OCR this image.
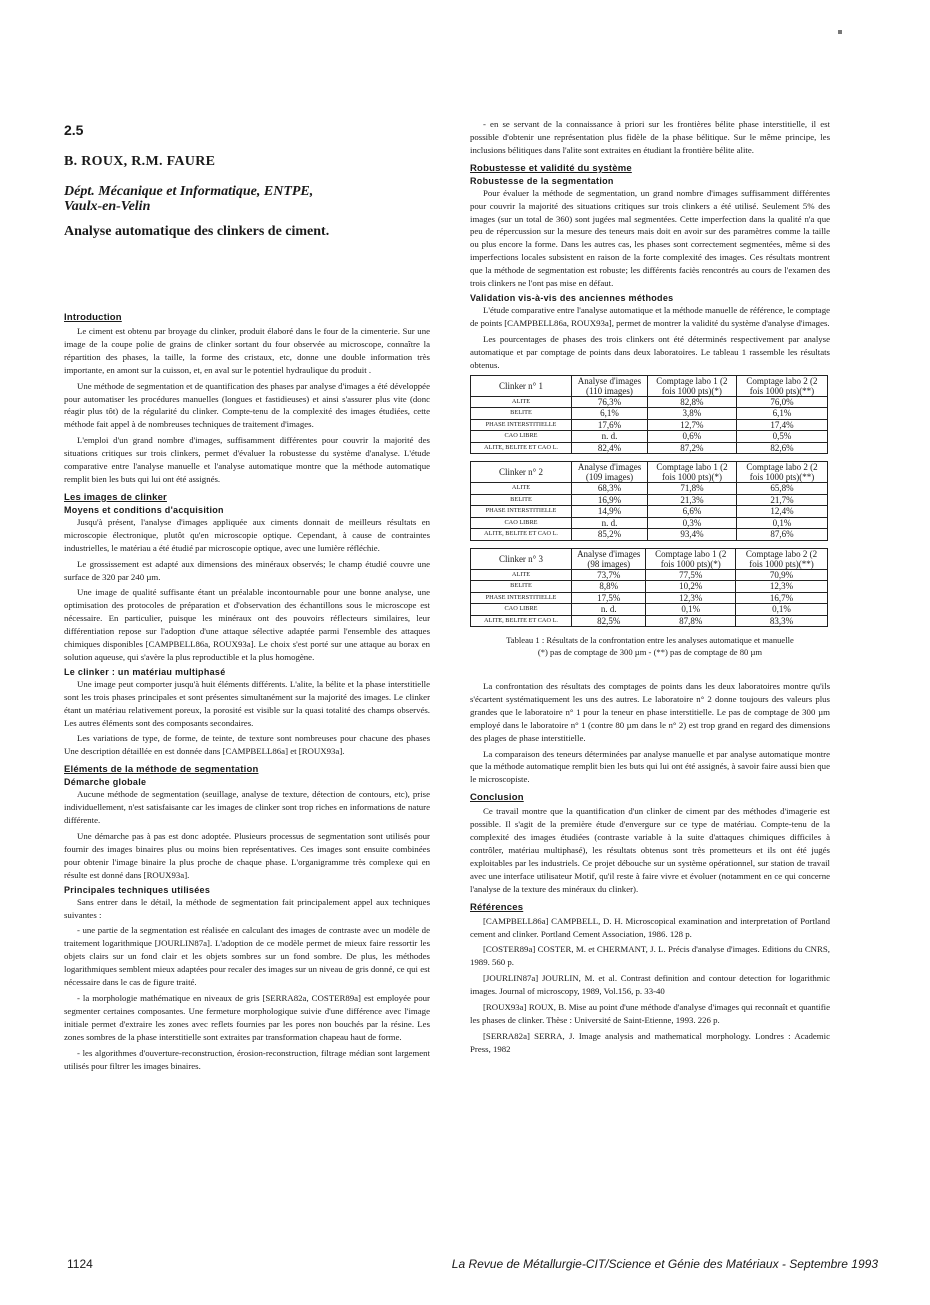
2.5
B. ROUX, R.M. FAURE
Dépt. Mécanique et Informatique, ENTPE,
Vaulx-en-Velin
Analyse automatique des clinkers de ciment.
Introduction

Le ciment est obtenu par broyage du clinker, produit élaboré dans le four de la cimenterie. Sur une image de la coupe polie de grains de clinker sortant du four observée au microscope, connaître la répartition des phases, la taille, la forme des cristaux, etc, donne une double information très importante, en amont sur la cuisson, et, en aval sur le potentiel hydraulique du produit .

Une méthode de segmentation et de quantification des phases par analyse d'images a été développée pour automatiser les procédures manuelles (longues et fastidieuses) et ainsi s'assurer plus vite (donc réagir plus tôt) de la régularité du clinker. Compte-tenu de la complexité des images étudiées, cette méthode fait appel à de nombreuses techniques de traitement d'images.

L'emploi d'un grand nombre d'images, suffisamment différentes pour couvrir la majorité des situations critiques sur trois clinkers, permet d'évaluer la robustesse du système d'analyse. L'étude comparative entre l'analyse manuelle et l'analyse automatique montre que la méthode automatique remplit bien les buts qui lui ont été assignés.

Les images de clinker
Moyens et conditions d'acquisition

Jusqu'à présent, l'analyse d'images appliquée aux ciments donnait de meilleurs résultats en microscopie électronique, plutôt qu'en microscopie optique. Cependant, à cause de contraintes industrielles, le matériau a été étudié par microscopie optique, avec une lumière réfléchie.

Le grossissement est adapté aux dimensions des minéraux observés; le champ étudié couvre une surface de 320 par 240 µm.

Une image de qualité suffisante étant un préalable incontournable pour une bonne analyse, une optimisation des protocoles de préparation et d'observation des échantillons sous le microscope est nécessaire. En particulier, puisque les minéraux ont des pouvoirs réflecteurs similaires, leur différentiation repose sur l'adoption d'une attaque sélective adaptée parmi l'ensemble des attaques chimiques disponibles [CAMPBELL86a, ROUX93a]. Le choix s'est porté sur une attaque au borax en solution aqueuse, qui s'avère la plus reproductible et la plus homogène.

Le clinker : un matériau multiphasé

Une image peut comporter jusqu'à huit éléments différents. L'alite, la bélite et la phase interstitielle sont les trois phases principales et sont présentes simultanément sur la majorité des images. Le clinker étant un matériau relativement poreux, la porosité est visible sur la quasi totalité des champs observés. Les autres éléments sont des composants secondaires.

Les variations de type, de forme, de teinte, de texture sont nombreuses pour chacune des phases Une description détaillée en est donnée dans [CAMPBELL86a] et [ROUX93a].

Eléments de la méthode de segmentation
Démarche globale

Aucune méthode de segmentation (seuillage, analyse de texture, détection de contours, etc), prise individuellement, n'est satisfaisante car les images de clinker sont trop riches en informations de nature différente.

Une démarche pas à pas est donc adoptée. Plusieurs processus de segmentation sont utilisés pour fournir des images binaires plus ou moins bien représentatives. Ces images sont ensuite combinées pour obtenir l'image binaire la plus proche de chaque phase. L'organigramme très complexe qui en résulte est donné dans [ROUX93a].

Principales techniques utilisées

Sans entrer dans le détail, la méthode de segmentation fait principalement appel aux techniques suivantes :

- une partie de la segmentation est réalisée en calculant des images de contraste avec un modèle de traitement logarithmique [JOURLIN87a]. L'adoption de ce modèle permet de mieux faire ressortir les objets clairs sur un fond clair et les objets sombres sur un fond sombre. De plus, les méthodes logarithmiques semblent mieux adaptées pour recaler des images sur un niveau de gris donné, ce qui est nécessaire dans le cas de figure traité.

- la morphologie mathématique en niveaux de gris [SERRA82a, COSTER89a] est employée pour segmenter certaines composantes. Une fermeture morphologique suivie d'une différence avec l'image initiale permet d'extraire les zones avec reflets fournies par les pores non bouchés par la résine. Les zones sombres de la phase interstitielle sont extraites par transformation chapeau haut de forme.

- les algorithmes d'ouverture-reconstruction, érosion-reconstruction, filtrage médian sont largement utilisés pour filtrer les images binaires.

- en se servant de la connaissance à priori sur les frontières bélite phase interstitielle, il est possible d'obtenir une représentation plus fidèle de la phase bélitique. Sur le même principe, les inclusions bélitiques dans l'alite sont extraites en étudiant la frontière bélite alite.

Robustesse et validité du système
Robustesse de la segmentation

Pour évaluer la méthode de segmentation, un grand nombre d'images suffisamment différentes pour couvrir la majorité des situations critiques sur trois clinkers a été utilisé. Seulement 5% des images (sur un total de 360) sont jugées mal segmentées. Cette imperfection dans la qualité n'a que peu de répercussion sur la mesure des teneurs mais doit en avoir sur des paramètres comme la taille ou plus encore la forme. Dans les autres cas, les phases sont correctement segmentées, même si des imperfections locales subsistent en raison de la forte complexité des images. Ces résultats montrent que la méthode de segmentation est robuste; les différents faciès rencontrés au cours de l'examen des trois clinkers ne l'ont pas mise en défaut.

Validation vis-à-vis des anciennes méthodes

L'étude comparative entre l'analyse automatique et la méthode manuelle de référence, le comptage de points [CAMPBELL86a, ROUX93a], permet de montrer la validité du système d'analyse d'images.

Les pourcentages de phases des trois clinkers ont été déterminés respectivement par analyse automatique et par comptage de points dans deux laboratoires. Le tableau 1 rassemble les résultats obtenus.

Clinker n° 1	Analyse d'images (110 images)	Comptage labo 1 (2 fois 1000 pts)(*)	Comptage labo 2 (2 fois 1000 pts)(**)
ALITE	76,3%	82,8%	76,0%
BELITE	6,1%	3,8%	6,1%
PHASE INTERSTITIELLE	17,6%	12,7%	17,4%
CAO LIBRE	n. d.	0,6%	0,5%
ALITE, BELITE ET CAO L.	82,4%	87,2%	82,6%
Clinker n° 2	Analyse d'images (109 images)	Comptage labo 1 (2 fois 1000 pts)(*)	Comptage labo 2 (2 fois 1000 pts)(**)
ALITE	68,3%	71,8%	65,8%
BELITE	16,9%	21,3%	21,7%
PHASE INTERSTITIELLE	14,9%	6,6%	12,4%
CAO LIBRE	n. d.	0,3%	0,1%
ALITE, BELITE ET CAO L.	85,2%	93,4%	87,6%
Clinker n° 3	Analyse d'images (98 images)	Comptage labo 1 (2 fois 1000 pts)(*)	Comptage labo 2 (2 fois 1000 pts)(**)
ALITE	73,7%	77,5%	70,9%
BELITE	8,8%	10,2%	12,3%
PHASE INTERSTITIELLE	17,5%	12,3%	16,7%
CAO LIBRE	n. d.	0,1%	0,1%
ALITE, BELITE ET CAO L.	82,5%	87,8%	83,3%
Tableau 1 : Résultats de la confrontation entre les analyses automatique et manuelle
(*) pas de comptage de 300 µm - (**) pas de comptage de 80 µm

La confrontation des résultats des comptages de points dans les deux laboratoires montre qu'ils s'écartent systématiquement les uns des autres. Le laboratoire n° 2 donne toujours des valeurs plus grandes que le laboratoire n° 1 pour la teneur en phase interstitielle. Le pas de comptage de 300 µm employé dans le laboratoire n° 1 (contre 80 µm dans le n° 2) est trop grand en regard des dimensions des plages de phase interstitielle.

La comparaison des teneurs déterminées par analyse manuelle et par analyse automatique montre que la méthode automatique remplit bien les buts qui lui ont été assignés, à savoir faire aussi bien que le microscopiste.

Conclusion

Ce travail montre que la quantification d'un clinker de ciment par des méthodes d'imagerie est possible. Il s'agit de la première étude d'envergure sur ce type de matériau. Compte-tenu de la complexité des images étudiées (contraste variable à la suite d'attaques chimiques difficiles à contrôler, matériau multiphasé), les résultats obtenus sont très prometteurs et ils ont été jugés exploitables par les industriels. Ce projet débouche sur un système opérationnel, sur station de travail avec une interface utilisateur Motif, qu'il reste à faire vivre et évoluer (notamment en ce qui concerne l'analyse de la texture des minéraux du clinker).

Références

[CAMPBELL86a] CAMPBELL, D. H. Microscopical examination and interpretation of Portland cement and clinker. Portland Cement Association, 1986. 128 p.

[COSTER89a] COSTER, M. et CHERMANT, J. L. Précis d'analyse d'images. Editions du CNRS, 1989. 560 p.

[JOURLIN87a] JOURLIN, M. et al. Contrast definition and contour detection for logarithmic images. Journal of microscopy, 1989, Vol.156, p. 33-40

[ROUX93a] ROUX, B. Mise au point d'une méthode d'analyse d'images qui reconnaît et quantifie les phases de clinker. Thèse : Université de Saint-Etienne, 1993. 226 p.

[SERRA82a] SERRA, J. Image analysis and mathematical morphology. Londres : Academic Press, 1982

1124	La Revue de Métallurgie-CIT/Science et Génie des Matériaux - Septembre 1993
